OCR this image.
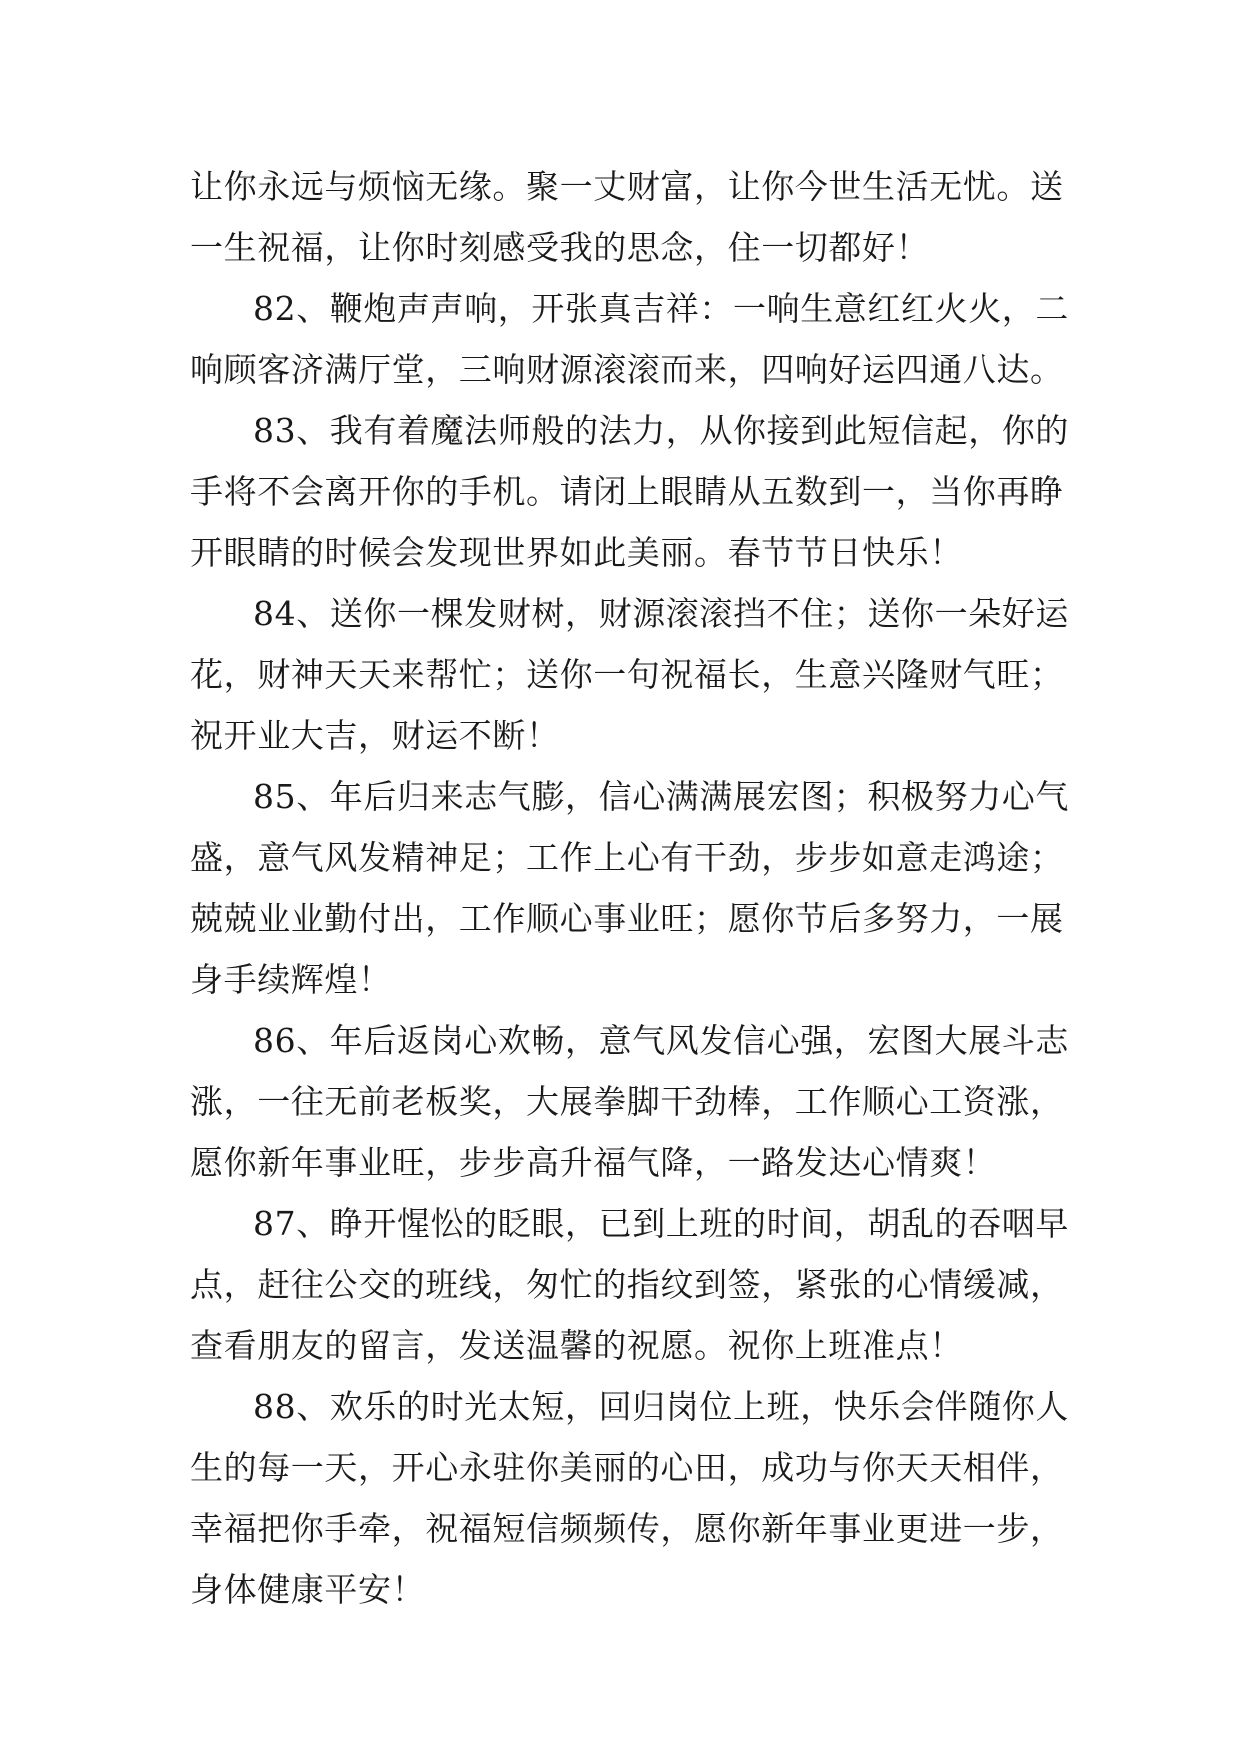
让你永远与烦恼无缘。聚一丈财富，让你今世生活无忧。送
一生祝福，让你时刻感受我的思念，住一切都好！
82、鞭炮声声响，开张真吉祥：一响生意红红火火，二
响顾客济满厅堂，三响财源滚滚而来，四响好运四通八达。
83、我有着魔法师般的法力，从你接到此短信起，你的
手将不会离开你的手机。请闭上眼睛从五数到一，当你再睁
开眼睛的时候会发现世界如此美丽。春节节日快乐！
84、送你一棵发财树，财源滚滚挡不住；送你一朵好运
花，财神天天来帮忙；送你一句祝福长，生意兴隆财气旺；
祝开业大吉，财运不断！
85、年后归来志气膨，信心满满展宏图；积极努力心气
盛，意气风发精神足；工作上心有干劲，步步如意走鸿途；
兢兢业业勤付出，工作顺心事业旺；愿你节后多努力，一展
身手续辉煌！
86、年后返岗心欢畅，意气风发信心强，宏图大展斗志
涨，一往无前老板奖，大展拳脚干劲棒，工作顺心工资涨，
愿你新年事业旺，步步高升福气降，一路发达心情爽！
87、睁开惺忪的眨眼，已到上班的时间，胡乱的吞咽早
点，赶往公交的班线，匆忙的指纹到签，紧张的心情缓减，
查看朋友的留言，发送温馨的祝愿。祝你上班准点！
88、欢乐的时光太短，回归岗位上班，快乐会伴随你人
生的每一天，开心永驻你美丽的心田，成功与你天天相伴，
幸福把你手牵，祝福短信频频传，愿你新年事业更进一步，
身体健康平安！
